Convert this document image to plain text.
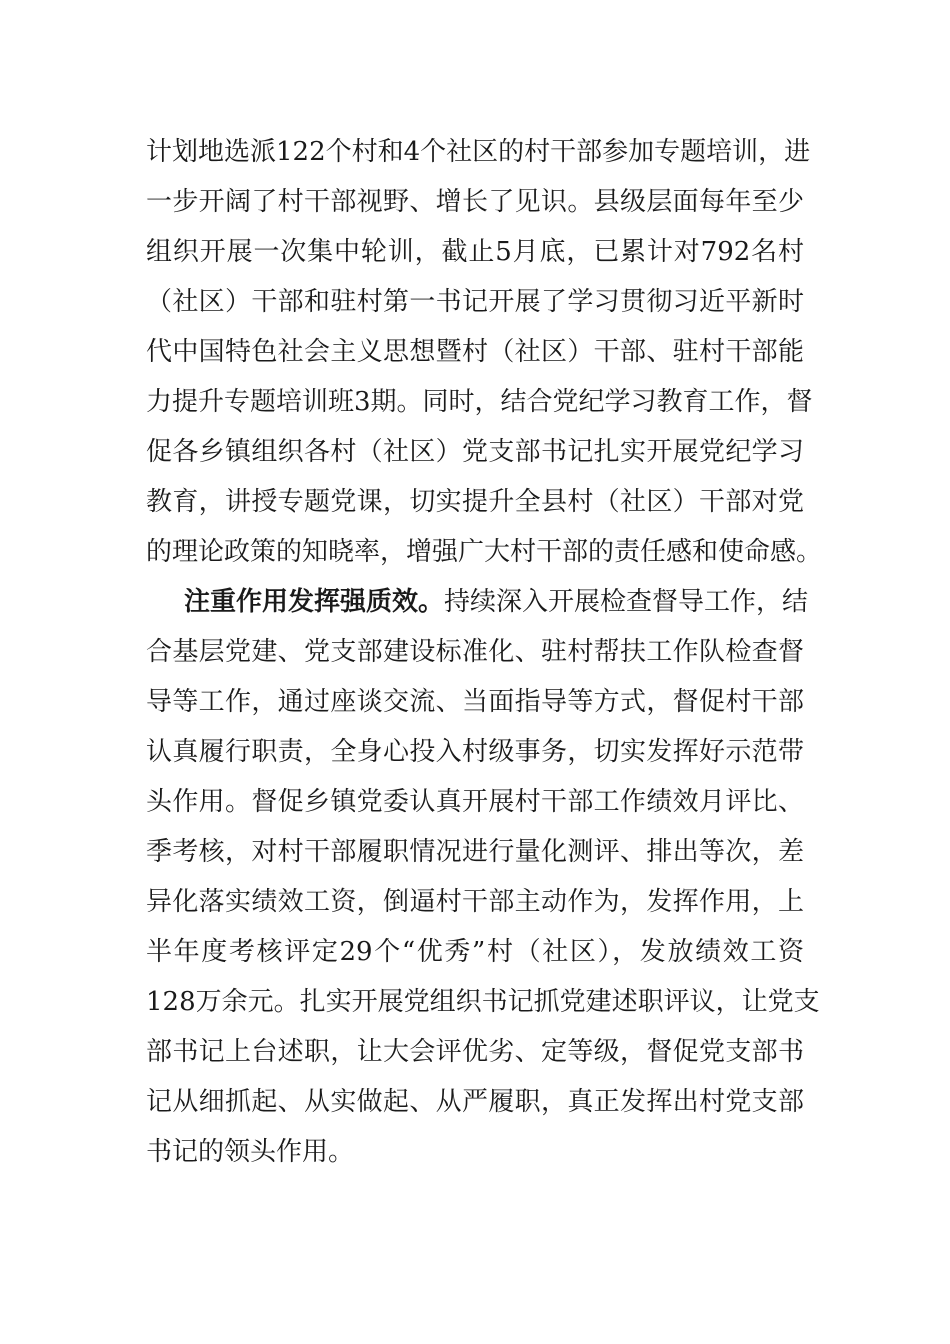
计划地选派122个村和4个社区的村干部参加专题培训，进
一步开阔了村干部视野、增长了见识。县级层面每年至少
组织开展一次集中轮训，截止5月底，已累计对792名村
（社区）干部和驻村第一书记开展了学习贯彻习近平新时
代中国特色社会主义思想暨村（社区）干部、驻村干部能
力提升专题培训班3期。同时，结合党纪学习教育工作，督
促各乡镇组织各村（社区）党支部书记扎实开展党纪学习
教育，讲授专题党课，切实提升全县村（社区）干部对党
的理论政策的知晓率，增强广大村干部的责任感和使命感。
注重作用发挥强质效。持续深入开展检查督导工作，结
合基层党建、党支部建设标准化、驻村帮扶工作队检查督
导等工作，通过座谈交流、当面指导等方式，督促村干部
认真履行职责，全身心投入村级事务，切实发挥好示范带
头作用。督促乡镇党委认真开展村干部工作绩效月评比、
季考核，对村干部履职情况进行量化测评、排出等次，差
异化落实绩效工资，倒逼村干部主动作为，发挥作用，上
半年度考核评定29个“优秀”村（社区），发放绩效工资
128万余元。扎实开展党组织书记抓党建述职评议，让党支
部书记上台述职，让大会评优劣、定等级，督促党支部书
记从细抓起、从实做起、从严履职，真正发挥出村党支部
书记的领头作用。
